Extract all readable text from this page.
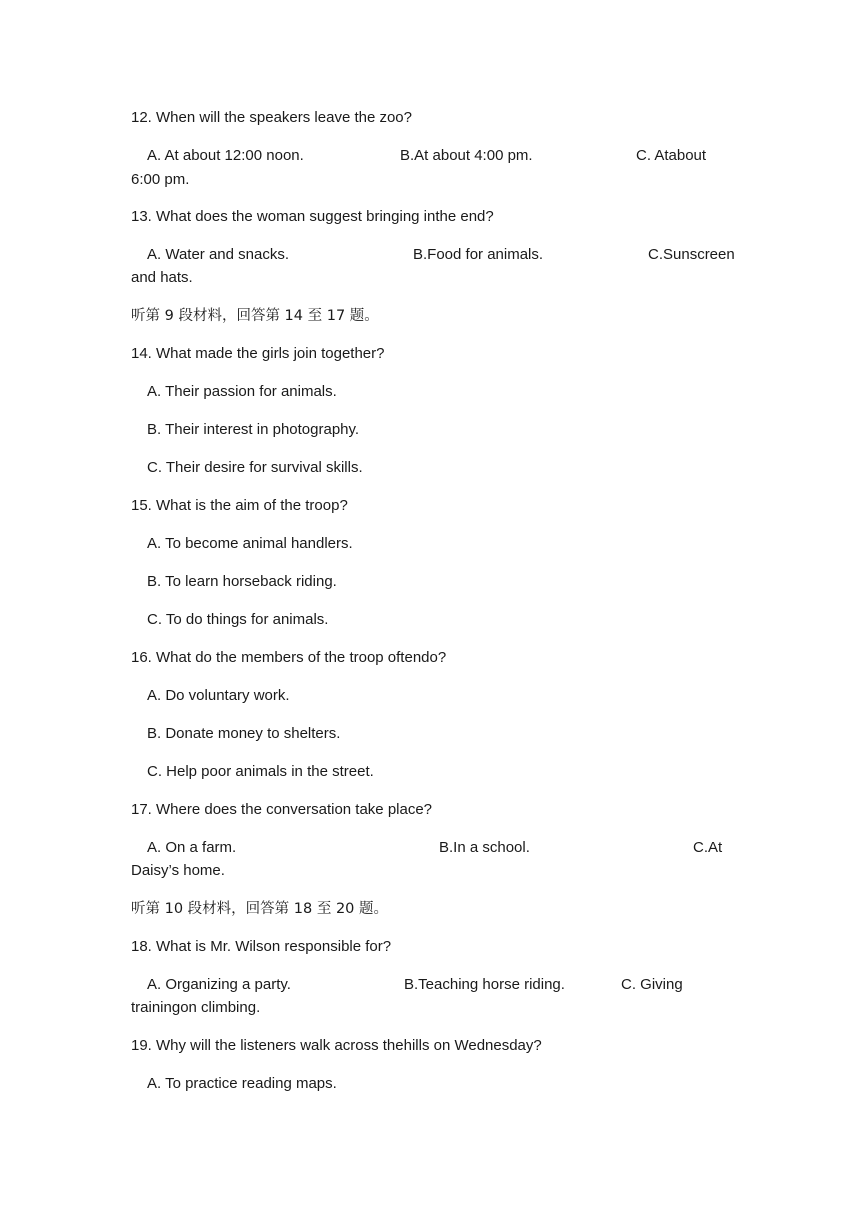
12. When will the speakers leave the zoo?
A. At about 12:00 noon.	B.At about 4:00 pm.	C. Atabout
6:00 pm.
13. What does the woman suggest bringing inthe end?
A. Water and snacks.	B.Food for animals.	C.Sunscreen
and hats.
听第 9 段材料，回答第 14 至 17 题。
14. What made the girls join together?
A. Their passion for animals.
B. Their interest in photography.
C. Their desire for survival skills.
15. What is the aim of the troop?
A. To become animal handlers.
B. To learn horseback riding.
C. To do things for animals.
16. What do the members of the troop oftendo?
A. Do voluntary work.
B. Donate money to shelters.
C. Help poor animals in the street.
17. Where does the conversation take place?
A. On a farm.	B.In a school.	C.At
Daisy’s home.
听第 10 段材料，回答第 18 至 20 题。
18. What is Mr. Wilson responsible for?
A. Organizing a party.	B.Teaching horse riding.	C. Giving
trainingon climbing.
19. Why will the listeners walk across thehills on Wednesday?
A. To practice reading maps.
